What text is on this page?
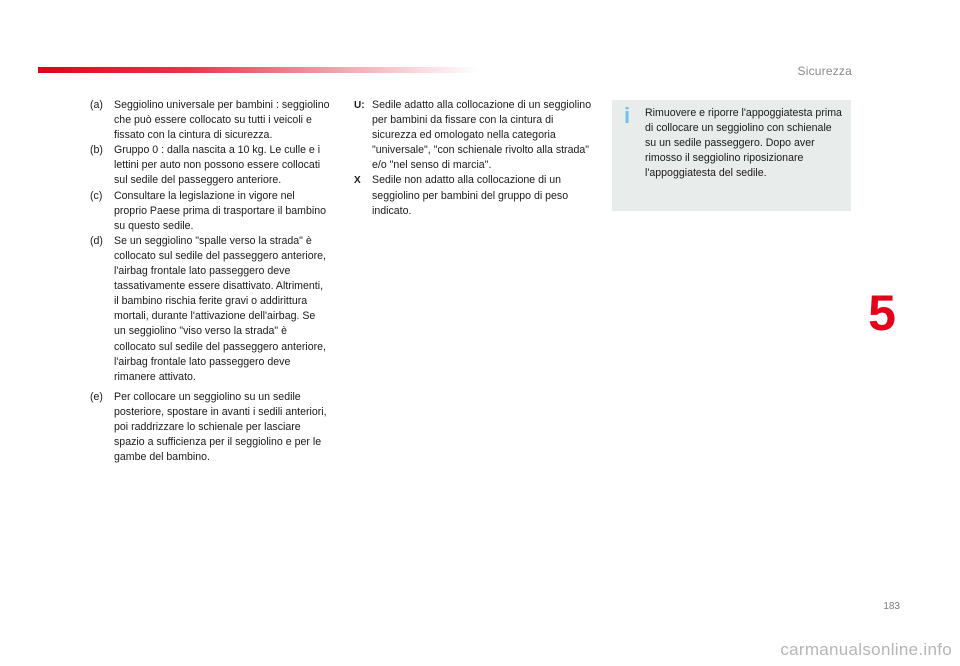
Sicurezza
(a)	Seggiolino universale per bambini : seggiolino che può essere collocato su tutti i veicoli e fissato con la cintura di sicurezza.
(b)	Gruppo 0 : dalla nascita a 10 kg. Le culle e i lettini per auto non possono essere collocati sul sedile del passeggero anteriore.
(c)	Consultare la legislazione in vigore nel proprio Paese prima di trasportare il bambino su questo sedile.
(d)	Se un seggiolino "spalle verso la strada" è collocato sul sedile del passeggero anteriore, l'airbag frontale lato passeggero deve tassativamente essere disattivato. Altrimenti, il bambino rischia ferite gravi o addirittura mortali, durante l'attivazione dell'airbag. Se un seggiolino "viso verso la strada" è collocato sul sedile del passeggero anteriore, l'airbag frontale lato passeggero deve rimanere attivato.
(e)	Per collocare un seggiolino su un sedile posteriore, spostare in avanti i sedili anteriori, poi raddrizzare lo schienale per lasciare spazio a sufficienza per il seggiolino e per le gambe del bambino.
U: Sedile adatto alla collocazione di un seggiolino per bambini da fissare con la cintura di sicurezza ed omologato nella categoria "universale", "con schienale rivolto alla strada" e/o "nel senso di marcia".
X	Sedile non adatto alla collocazione di un seggiolino per bambini del gruppo di peso indicato.
i Rimuovere e riporre l'appoggiatesta prima di collocare un seggiolino con schienale su un sedile passeggero. Dopo aver rimosso il seggiolino riposizionare l'appoggiatesta del sedile.
5
183
carmanualsonline.info
